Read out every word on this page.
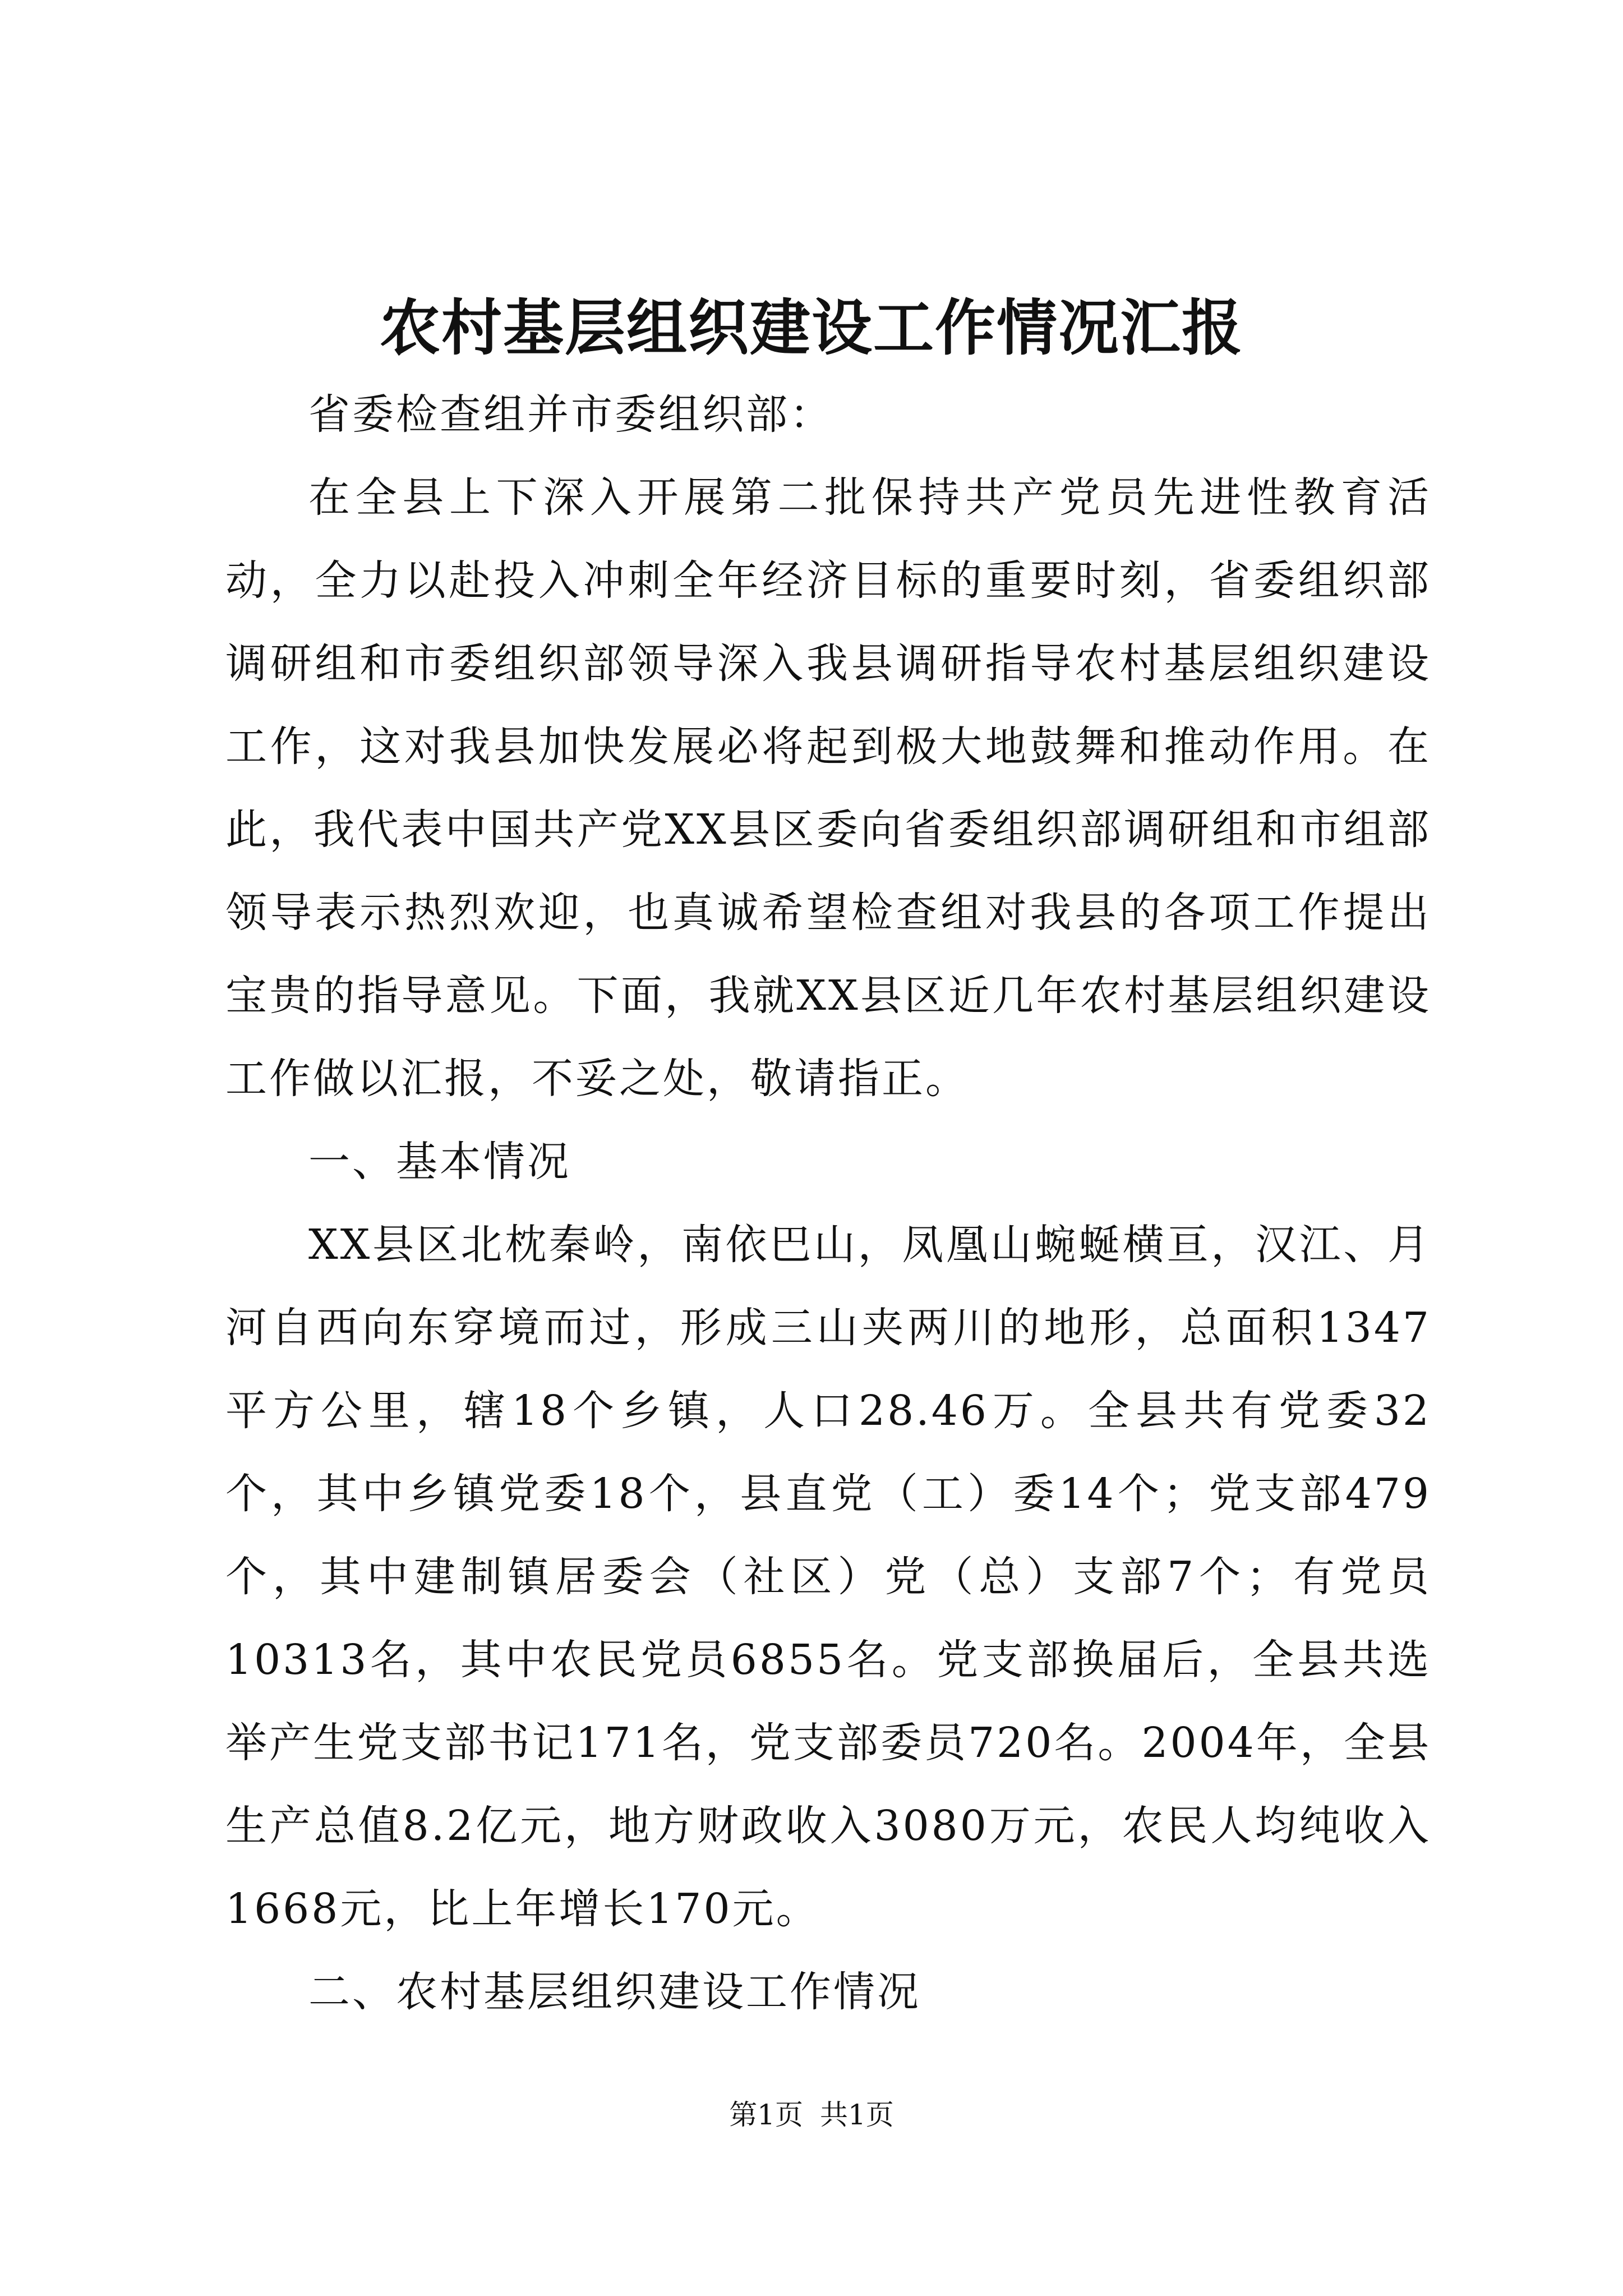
农村基层组织建设工作情况汇报

省委检查组并市委组织部：

在全县上下深入开展第二批保持共产党员先进性教育活动，全力以赴投入冲刺全年经济目标的重要时刻，省委组织部调研组和市委组织部领导深入我县调研指导农村基层组织建设工作，这对我县加快发展必将起到极大地鼓舞和推动作用。在此，我代表中国共产党XX县区委向省委组织部调研组和市组部领导表示热烈欢迎，也真诚希望检查组对我县的各项工作提出宝贵的指导意见。下面，我就XX县区近几年农村基层组织建设工作做以汇报，不妥之处，敬请指正。

一、基本情况

XX县区北枕秦岭，南依巴山，凤凰山蜿蜒横亘，汉江、月河自西向东穿境而过，形成三山夹两川的地形，总面积1347平方公里，辖18个乡镇，人口28.46万。全县共有党委32个，其中乡镇党委18个，县直党（工）委14个；党支部479个，其中建制镇居委会（社区）党（总）支部7个；有党员10313名，其中农民党员6855名。党支部换届后，全县共选举产生党支部书记171名，党支部委员720名。2004年，全县生产总值8.2亿元，地方财政收入3080万元，农民人均纯收入1668元，比上年增长170元。

二、农村基层组织建设工作情况

第1页 共1页
